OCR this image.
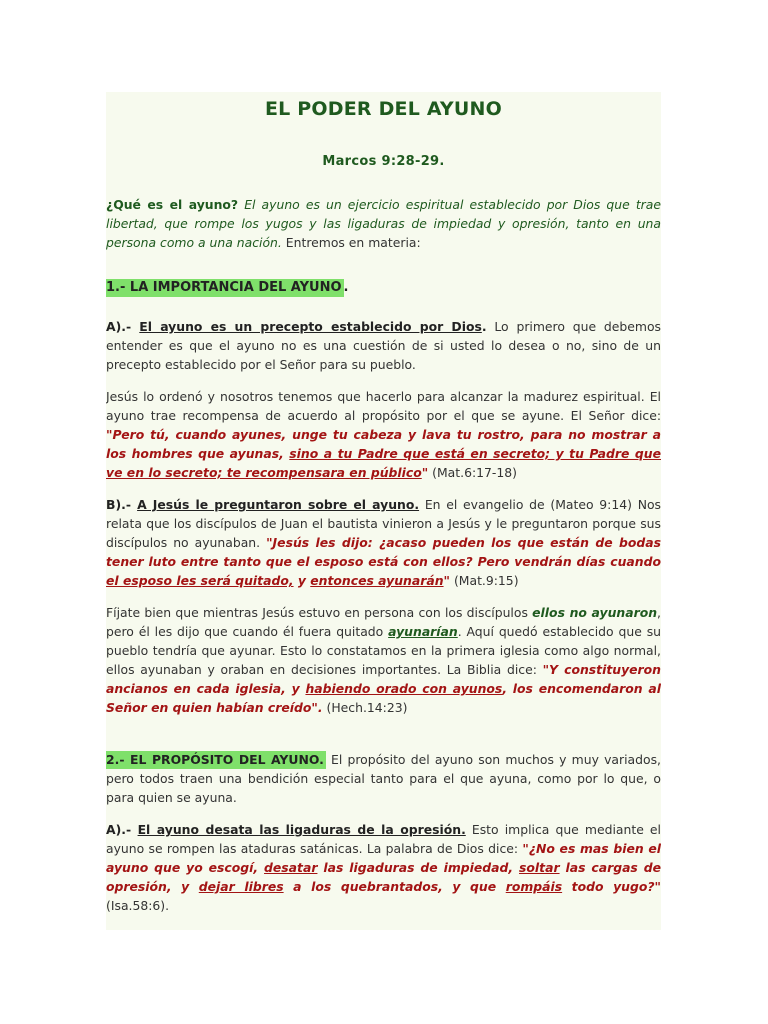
EL PODER DEL AYUNO
Marcos 9:28-29.

¿Qué es el ayuno? El ayuno es un ejercicio espiritual establecido por Dios que trae libertad, que rompe los yugos y las ligaduras de impiedad y opresión, tanto en una persona como a una nación. Entremos en materia:

1.- LA IMPORTANCIA DEL AYUNO .

A).- El ayuno es un precepto establecido por Dios. Lo primero que debemos entender es que el ayuno no es una cuestión de si usted lo desea o no, sino de un precepto establecido por el Señor para su pueblo.

Jesús lo ordenó y nosotros tenemos que hacerlo para alcanzar la madurez espiritual. El ayuno trae recompensa de acuerdo al propósito por el que se ayune. El Señor dice: "Pero tú, cuando ayunes, unge tu cabeza y lava tu rostro, para no mostrar a los hombres que ayunas, sino a tu Padre que está en secreto; y tu Padre que ve en lo secreto; te recompensara en público" (Mat.6:17-18)

B).- A Jesús le preguntaron sobre el ayuno. En el evangelio de (Mateo 9:14) Nos relata que los discípulos de Juan el bautista vinieron a Jesús y le preguntaron porque sus discípulos no ayunaban. "Jesús les dijo: ¿acaso pueden los que están de bodas tener luto entre tanto que el esposo está con ellos? Pero vendrán días cuando el esposo les será quitado, y entonces ayunarán" (Mat.9:15)

Fíjate bien que mientras Jesús estuvo en persona con los discípulos ellos no ayunaron, pero él les dijo que cuando él fuera quitado ayunarían. Aquí quedó establecido que su pueblo tendría que ayunar. Esto lo constatamos en la primera iglesia como algo normal, ellos ayunaban y oraban en decisiones importantes. La Biblia dice: "Y constituyeron ancianos en cada iglesia, y habiendo orado con ayunos, los encomendaron al Señor en quien habían creído". (Hech.14:23)

2.- EL PROPÓSITO DEL AYUNO. El propósito del ayuno son muchos y muy variados, pero todos traen una bendición especial tanto para el que ayuna, como por lo que, o para quien se ayuna.

A).- El ayuno desata las ligaduras de la opresión. Esto implica que mediante el ayuno se rompen las ataduras satánicas. La palabra de Dios dice: "¿No es mas bien el ayuno que yo escogí, desatar las ligaduras de impiedad, soltar las cargas de opresión, y dejar libres a los quebrantados, y que rompáis todo yugo?" (Isa.58:6).
